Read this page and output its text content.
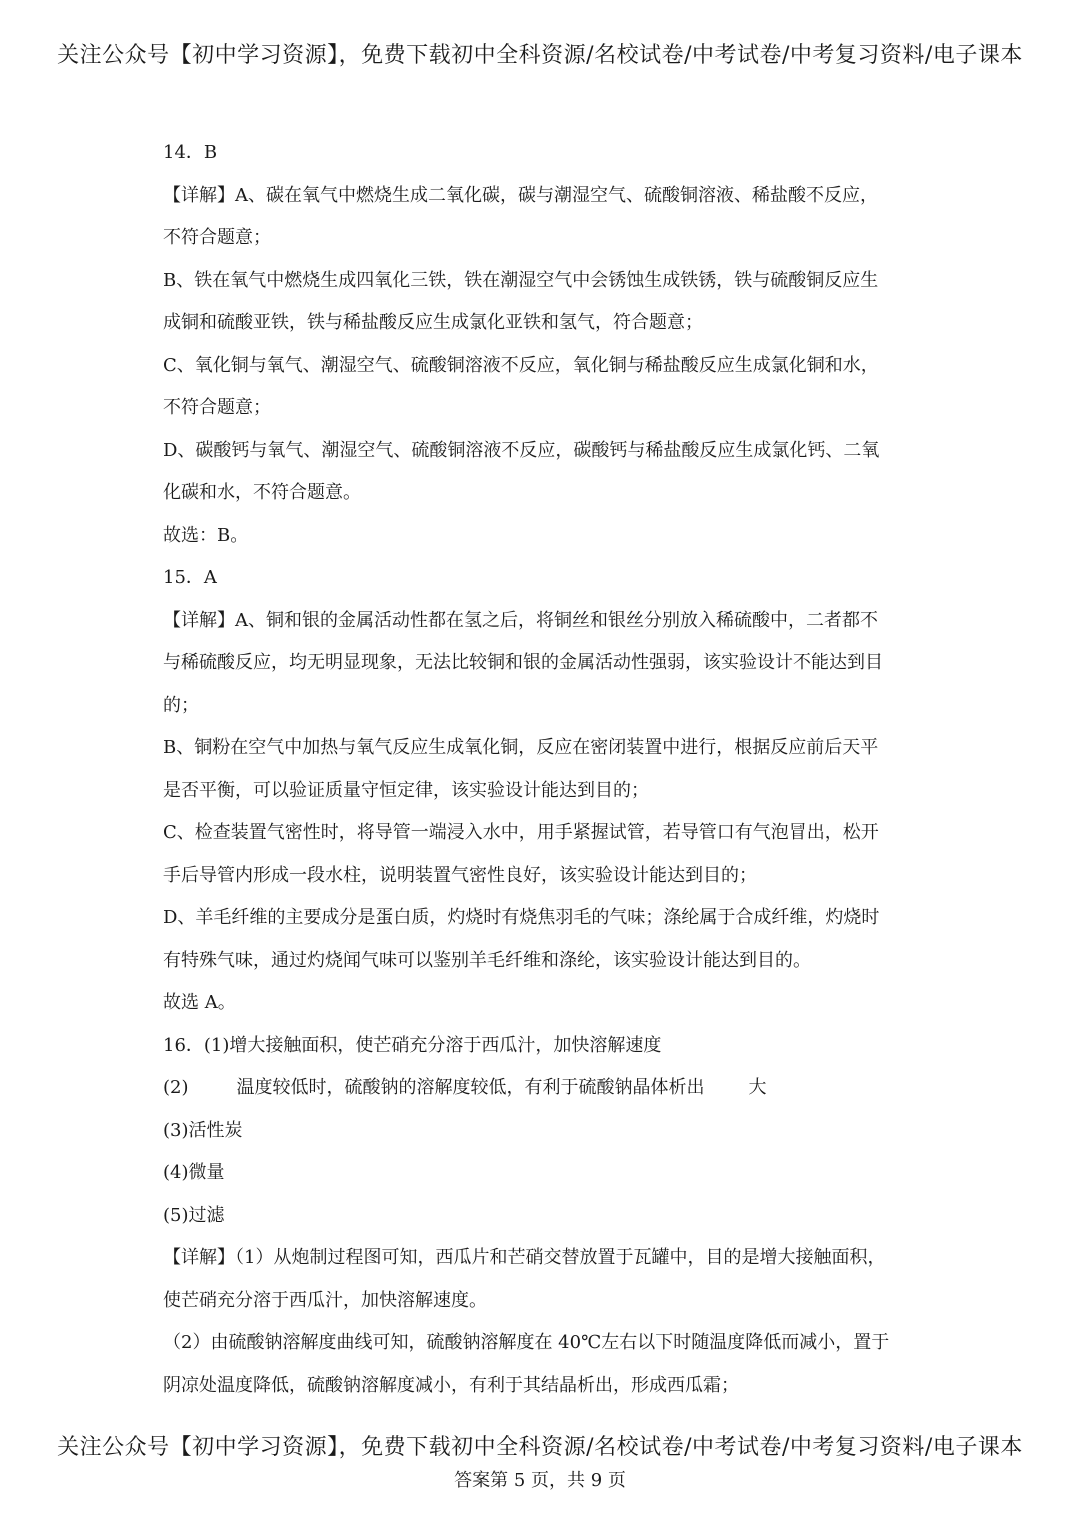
关注公众号【初中学习资源】，免费下载初中全科资源/名校试卷/中考试卷/中考复习资料/电子课本
14．B
【详解】A、碳在氧气中燃烧生成二氧化碳，碳与潮湿空气、硫酸铜溶液、稀盐酸不反应，
不符合题意；
B、铁在氧气中燃烧生成四氧化三铁，铁在潮湿空气中会锈蚀生成铁锈，铁与硫酸铜反应生
成铜和硫酸亚铁，铁与稀盐酸反应生成氯化亚铁和氢气，符合题意；
C、氧化铜与氧气、潮湿空气、硫酸铜溶液不反应，氧化铜与稀盐酸反应生成氯化铜和水，
不符合题意；
D、碳酸钙与氧气、潮湿空气、硫酸铜溶液不反应，碳酸钙与稀盐酸反应生成氯化钙、二氧
化碳和水，不符合题意。
故选：B。
15．A
【详解】A、铜和银的金属活动性都在氢之后，将铜丝和银丝分别放入稀硫酸中，二者都不
与稀硫酸反应，均无明显现象，无法比较铜和银的金属活动性强弱，该实验设计不能达到目
的；
B、铜粉在空气中加热与氧气反应生成氧化铜，反应在密闭装置中进行，根据反应前后天平
是否平衡，可以验证质量守恒定律，该实验设计能达到目的；
C、检查装置气密性时，将导管一端浸入水中，用手紧握试管，若导管口有气泡冒出，松开
手后导管内形成一段水柱，说明装置气密性良好，该实验设计能达到目的；
D、羊毛纤维的主要成分是蛋白质，灼烧时有烧焦羽毛的气味；涤纶属于合成纤维，灼烧时
有特殊气味，通过灼烧闻气味可以鉴别羊毛纤维和涤纶，该实验设计能达到目的。
故选 A。
16．(1)增大接触面积，使芒硝充分溶于西瓜汁，加快溶解速度
(2)	温度较低时，硫酸钠的溶解度较低，有利于硫酸钠晶体析出 大
(3)活性炭
(4)微量
(5)过滤
【详解】（1）从炮制过程图可知，西瓜片和芒硝交替放置于瓦罐中，目的是增大接触面积，
使芒硝充分溶于西瓜汁，加快溶解速度。
（2）由硫酸钠溶解度曲线可知，硫酸钠溶解度在 40℃左右以下时随温度降低而减小，置于
阴凉处温度降低，硫酸钠溶解度减小，有利于其结晶析出，形成西瓜霜；
关注公众号【初中学习资源】，免费下载初中全科资源/名校试卷/中考试卷/中考复习资料/电子课本
答案第 5 页，共 9 页
